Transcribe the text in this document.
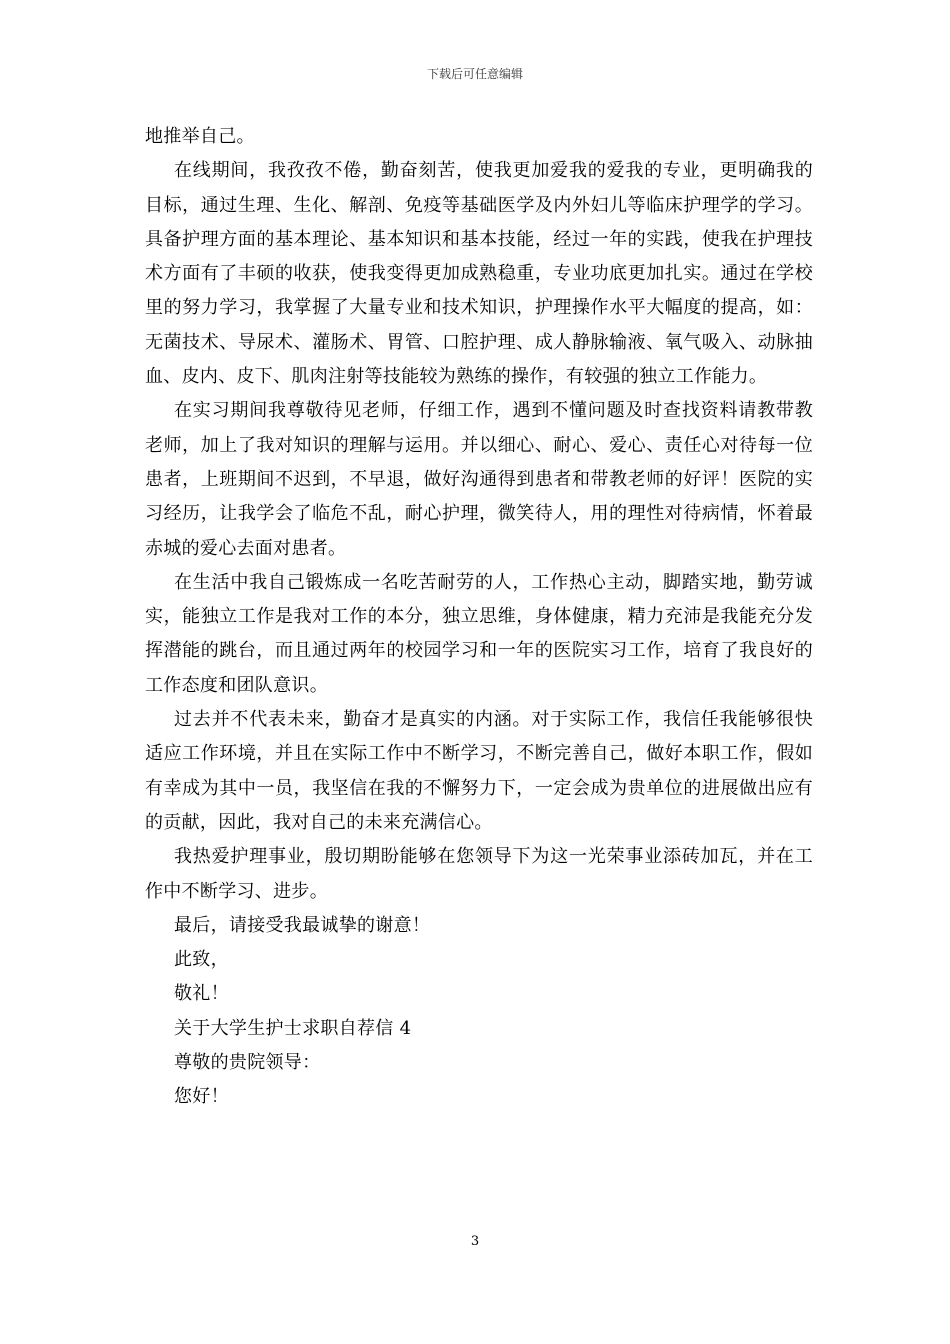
下载后可任意编辑

地推举自己。

在线期间，我孜孜不倦，勤奋刻苦，使我更加爱我的爱我的专业，更明确我的目标，通过生理、生化、解剖、免疫等基础医学及内外妇儿等临床护理学的学习。具备护理方面的基本理论、基本知识和基本技能，经过一年的实践，使我在护理技术方面有了丰硕的收获，使我变得更加成熟稳重，专业功底更加扎实。通过在学校里的努力学习，我掌握了大量专业和技术知识，护理操作水平大幅度的提高，如：无菌技术、导尿术、灌肠术、胃管、口腔护理、成人静脉输液、氧气吸入、动脉抽血、皮内、皮下、肌肉注射等技能较为熟练的操作，有较强的独立工作能力。

在实习期间我尊敬待见老师，仔细工作，遇到不懂问题及时查找资料请教带教老师，加上了我对知识的理解与运用。并以细心、耐心、爱心、责任心对待每一位患者，上班期间不迟到，不早退，做好沟通得到患者和带教老师的好评！医院的实习经历，让我学会了临危不乱，耐心护理，微笑待人，用的理性对待病情，怀着最赤城的爱心去面对患者。

在生活中我自己锻炼成一名吃苦耐劳的人，工作热心主动，脚踏实地，勤劳诚实，能独立工作是我对工作的本分，独立思维，身体健康，精力充沛是我能充分发挥潜能的跳台，而且通过两年的校园学习和一年的医院实习工作，培育了我良好的工作态度和团队意识。

过去并不代表未来，勤奋才是真实的内涵。对于实际工作，我信任我能够很快适应工作环境，并且在实际工作中不断学习，不断完善自己，做好本职工作，假如有幸成为其中一员，我坚信在我的不懈努力下，一定会成为贵单位的进展做出应有的贡献，因此，我对自己的未来充满信心。

我热爱护理事业，殷切期盼能够在您领导下为这一光荣事业添砖加瓦，并在工作中不断学习、进步。

最后，请接受我最诚挚的谢意！

此致，

敬礼！

关于大学生护士求职自荐信 4

尊敬的贵院领导：

您好！

3
